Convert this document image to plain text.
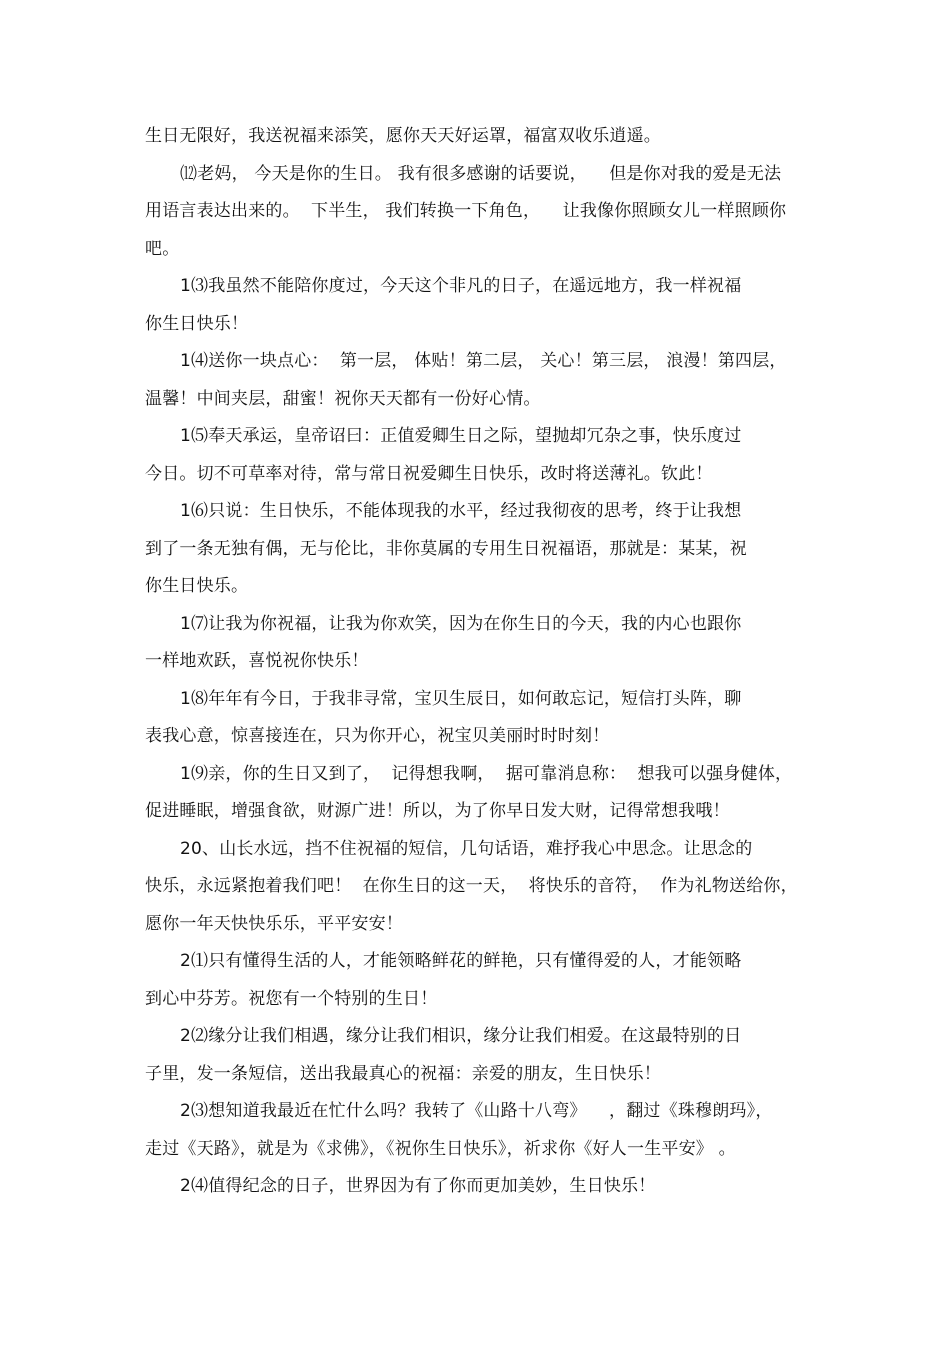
生日无限好，我送祝福来添笑，愿你天天好运罩，福富双收乐逍遥。
⑿老妈， 今天是你的生日。 我有很多感谢的话要说，    但是你对我的爱是无法
用语言表达出来的。  下半生， 我们转换一下角色，    让我像你照顾女儿一样照顾你
吧。
1⑶我虽然不能陪你度过，今天这个非凡的日子，在遥远地方，我一样祝福
你生日快乐！
1⑷送你一块点心：  第一层， 体贴！第二层， 关心！第三层， 浪漫！第四层，
温馨！中间夹层，甜蜜！祝你天天都有一份好心情。
1⑸奉天承运，皇帝诏曰：正值爱卿生日之际，望抛却冗杂之事，快乐度过
今日。切不可草率对待，常与常日祝爱卿生日快乐，改时将送薄礼。钦此！
1⑹只说：生日快乐，不能体现我的水平，经过我彻夜的思考，终于让我想
到了一条无独有偶，无与伦比，非你莫属的专用生日祝福语，那就是：某某，祝
你生日快乐。
1⑺让我为你祝福，让我为你欢笑，因为在你生日的今天，我的内心也跟你
一样地欢跃，喜悦祝你快乐！
1⑻年年有今日，于我非寻常，宝贝生辰日，如何敢忘记，短信打头阵，聊
表我心意，惊喜接连在，只为你开心，祝宝贝美丽时时时刻！
1⑼亲，你的生日又到了，  记得想我啊，  据可靠消息称：  想我可以强身健体，
促进睡眠，增强食欲，财源广进！所以，为了你早日发大财，记得常想我哦！
20、山长水远，挡不住祝福的短信，几句话语，难抒我心中思念。让思念的
快乐，永远紧抱着我们吧！  在你生日的这一天，  将快乐的音符，  作为礼物送给你，
愿你一年天快快乐乐，平平安安！
2⑴只有懂得生活的人，才能领略鲜花的鲜艳，只有懂得爱的人，才能领略
到心中芬芳。祝您有一个特别的生日！
2⑵缘分让我们相遇，缘分让我们相识，缘分让我们相爱。在这最特别的日
子里，发一条短信，送出我最真心的祝福：亲爱的朋友，生日快乐！
2⑶想知道我最近在忙什么吗？我转了《山路十八弯》    ，翻过《珠穆朗玛》，
走过《天路》，就是为《求佛》，《祝你生日快乐》，祈求你《好人一生平安》 。
2⑷值得纪念的日子，世界因为有了你而更加美妙，生日快乐！
